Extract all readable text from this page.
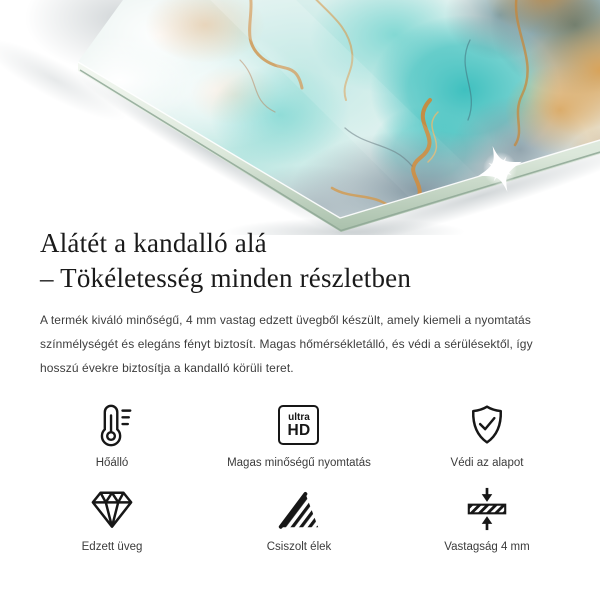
Alátét a kandalló alá
– Tökéletesség minden részletben
A termék kiváló minőségű, 4 mm vastag edzett üvegből készült, amely kiemeli a nyomtatás
színmélységét és elegáns fényt biztosít. Magas hőmérsékletálló, és védi a sérülésektől, így
hosszú évekre biztosítja a kandalló körüli teret.
Hőálló
ultra
HD
Magas minőségű nyomtatás	Védi az alapot
Edzett üveg	Csiszolt élek	Vastagság 4 mm
